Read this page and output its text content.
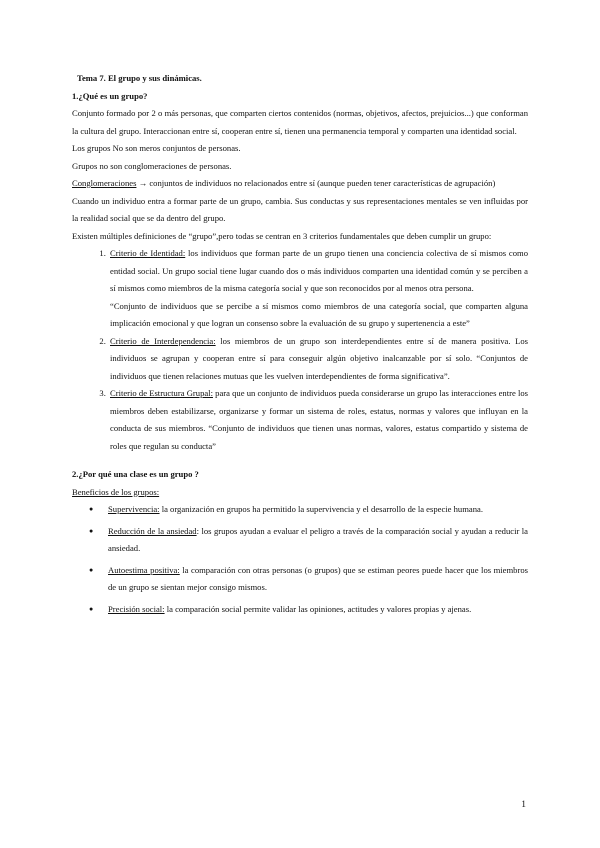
Tema 7. El grupo y sus dinámicas.

1.¿Qué es un grupo?

Conjunto formado por 2 o más personas, que comparten ciertos contenidos (normas, objetivos, afectos, prejuicios...) que conforman la cultura del grupo. Interaccionan entre sí, cooperan entre sí, tienen una permanencia temporal y comparten una identidad social.

Los grupos No son meros conjuntos de personas.

Grupos no son conglomeraciones de personas.

Conglomeraciones → conjuntos de individuos no relacionados entre sí (aunque pueden tener características de agrupación)

Cuando un individuo entra a formar parte de un grupo, cambia. Sus conductas y sus representaciones mentales se ven influidas por la realidad social que se da dentro del grupo.

Existen múltiples definiciones de “grupo”,pero todas se centran en 3 criterios fundamentales que deben cumplir un grupo:

1. Criterio de Identidad: los individuos que forman parte de un grupo tienen una conciencia colectiva de sí mismos como entidad social. Un grupo social tiene lugar cuando dos o más individuos comparten una identidad común y se perciben a sí mismos como miembros de la misma categoría social y que son reconocidos por al menos otra persona.
“Conjunto de individuos que se percibe a sí mismos como miembros de una categoría social, que comparten alguna implicación emocional y que logran un consenso sobre la evaluación de su grupo y supertenencia a este”
2. Criterio de Interdependencia: los miembros de un grupo son interdependientes entre sí de manera positiva. Los individuos se agrupan y cooperan entre sí para conseguir algún objetivo inalcanzable por sí solo. “Conjuntos de individuos que tienen relaciones mutuas que les vuelven interdependientes de forma significativa”.
3. Criterio de Estructura Grupal: para que un conjunto de individuos pueda considerarse un grupo las interacciones entre los miembros deben estabilizarse, organizarse y formar un sistema de roles, estatus, normas y valores que influyan en la conducta de sus miembros. “Conjunto de individuos que tienen unas normas, valores, estatus compartido y sistema de roles que regulan su conducta”

2.¿Por qué una clase es un grupo ?

Beneficios de los grupos:

● Supervivencia: la organización en grupos ha permitido la supervivencia y el desarrollo de la especie humana.
● Reducción de la ansiedad: los grupos ayudan a evaluar el peligro a través de la comparación social y ayudan a reducir la ansiedad.
● Autoestima positiva: la comparación con otras personas (o grupos) que se estiman peores puede hacer que los miembros de un grupo se sientan mejor consigo mismos.
● Precisión social: la comparación social permite validar las opiniones, actitudes y valores propias y ajenas.
1
